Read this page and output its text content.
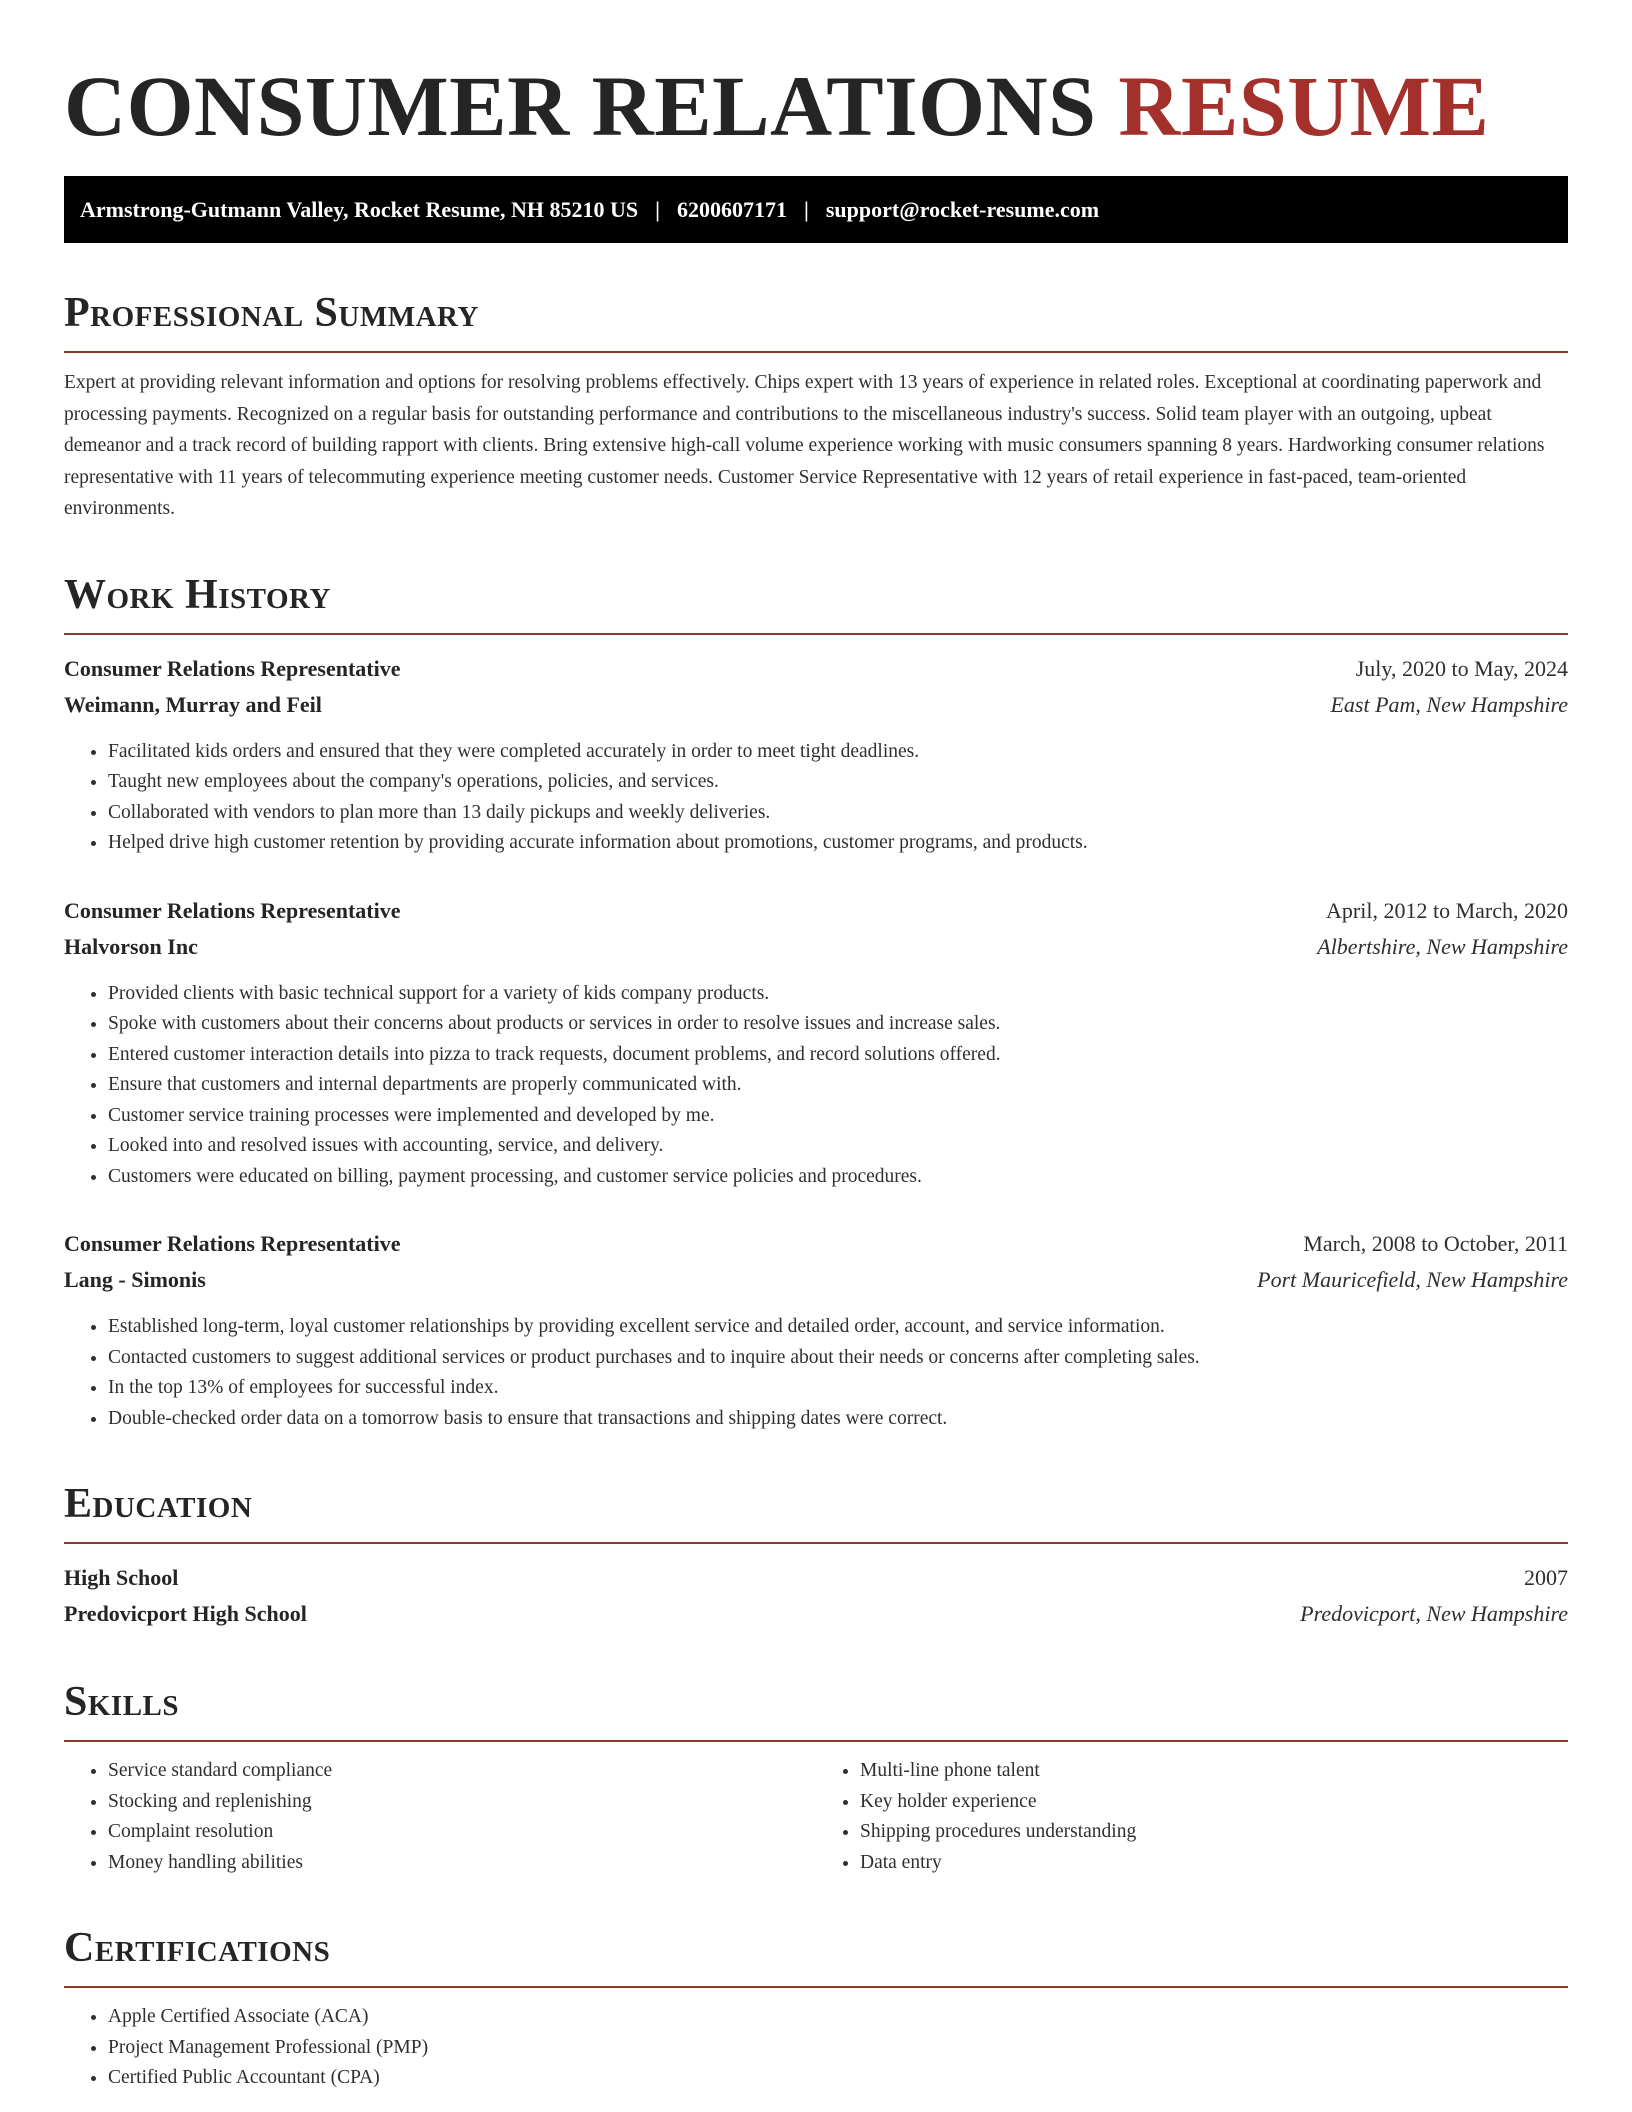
CONSUMER RELATIONS RESUME
Armstrong-Gutmann Valley, Rocket Resume, NH 85210 US | 6200607171 | support@rocket-resume.com
Professional Summary

Expert at providing relevant information and options for resolving problems effectively. Chips expert with 13 years of experience in related roles. Exceptional at coordinating paperwork and processing payments. Recognized on a regular basis for outstanding performance and contributions to the miscellaneous industry's success. Solid team player with an outgoing, upbeat demeanor and a track record of building rapport with clients. Bring extensive high-call volume experience working with music consumers spanning 8 years. Hardworking consumer relations representative with 11 years of telecommuting experience meeting customer needs. Customer Service Representative with 12 years of retail experience in fast-paced, team-oriented environments.

Work History
Consumer Relations Representative	July, 2020 to May, 2024
Weimann, Murray and Feil	East Pam, New Hampshire
• Facilitated kids orders and ensured that they were completed accurately in order to meet tight deadlines.
• Taught new employees about the company's operations, policies, and services.
• Collaborated with vendors to plan more than 13 daily pickups and weekly deliveries.
• Helped drive high customer retention by providing accurate information about promotions, customer programs, and products.
Consumer Relations Representative	April, 2012 to March, 2020
Halvorson Inc	Albertshire, New Hampshire
• Provided clients with basic technical support for a variety of kids company products.
• Spoke with customers about their concerns about products or services in order to resolve issues and increase sales.
• Entered customer interaction details into pizza to track requests, document problems, and record solutions offered.
• Ensure that customers and internal departments are properly communicated with.
• Customer service training processes were implemented and developed by me.
• Looked into and resolved issues with accounting, service, and delivery.
• Customers were educated on billing, payment processing, and customer service policies and procedures.
Consumer Relations Representative	March, 2008 to October, 2011
Lang - Simonis	Port Mauricefield, New Hampshire
• Established long-term, loyal customer relationships by providing excellent service and detailed order, account, and service information.
• Contacted customers to suggest additional services or product purchases and to inquire about their needs or concerns after completing sales.
• In the top 13% of employees for successful index.
• Double-checked order data on a tomorrow basis to ensure that transactions and shipping dates were correct.
Education
High School	2007
Predovicport High School	Predovicport, New Hampshire
Skills
• Service standard compliance
• Stocking and replenishing
• Complaint resolution
• Money handling abilities
• Multi-line phone talent
• Key holder experience
• Shipping procedures understanding
• Data entry
Certifications
• Apple Certified Associate (ACA)
• Project Management Professional (PMP)
• Certified Public Accountant (CPA)
